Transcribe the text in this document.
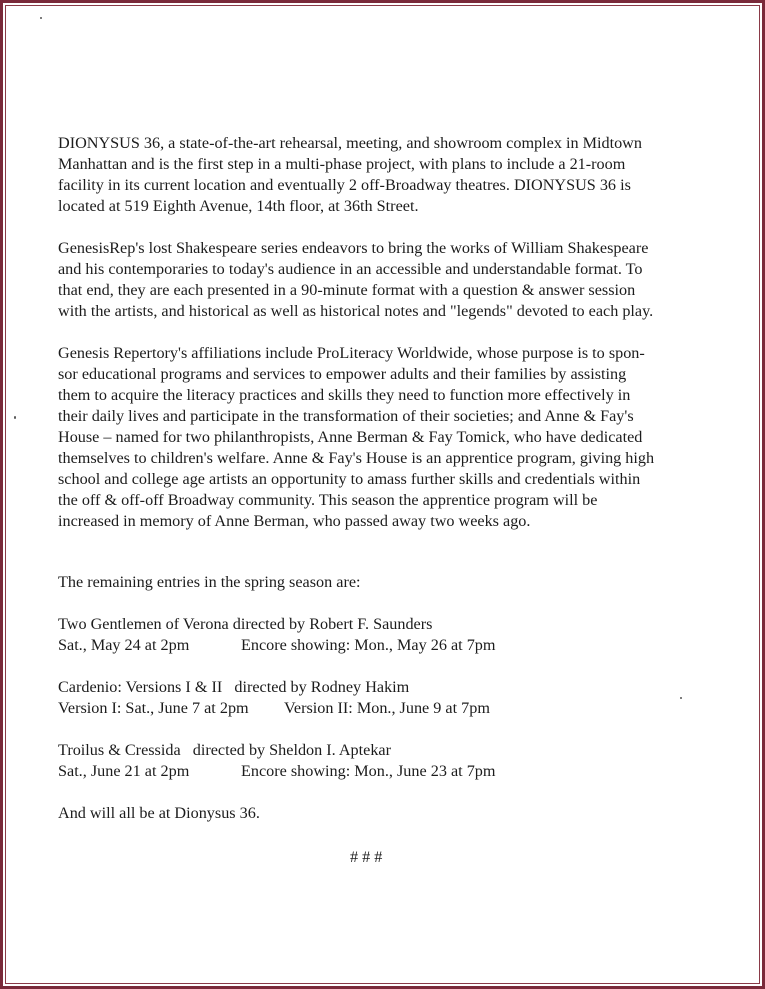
DIONYSUS 36, a state-of-the-art rehearsal, meeting, and showroom complex in Midtown
Manhattan and is the first step in a multi-phase project, with plans to include a 21-room
facility in its current location and eventually 2 off-Broadway theatres. DIONYSUS 36 is
located at 519 Eighth Avenue, 14th floor, at 36th Street.
GenesisRep's lost Shakespeare series endeavors to bring the works of William Shakespeare
and his contemporaries to today's audience in an accessible and understandable format. To
that end, they are each presented in a 90-minute format with a question & answer session
with the artists, and historical as well as historical notes and "legends" devoted to each play.
Genesis Repertory's affiliations include ProLiteracy Worldwide, whose purpose is to spon-
sor educational programs and services to empower adults and their families by assisting
them to acquire the literacy practices and skills they need to function more effectively in
their daily lives and participate in the transformation of their societies; and Anne & Fay's
House – named for two philanthropists, Anne Berman & Fay Tomick, who have dedicated
themselves to children's welfare. Anne & Fay's House is an apprentice program, giving high
school and college age artists an opportunity to amass further skills and credentials within
the off & off-off Broadway community. This season the apprentice program will be
increased in memory of Anne Berman, who passed away two weeks ago.
The remaining entries in the spring season are:
Two Gentlemen of Verona directed by Robert F. Saunders
Sat., May 24 at 2pm	Encore showing: Mon., May 26 at 7pm
Cardenio: Versions I & II   directed by Rodney Hakim
Version I: Sat., June 7 at 2pm Version II: Mon., June 9 at 7pm
Troilus & Cressida   directed by Sheldon I. Aptekar
Sat., June 21 at 2pm	Encore showing: Mon., June 23 at 7pm
And will all be at Dionysus 36.
# # #
